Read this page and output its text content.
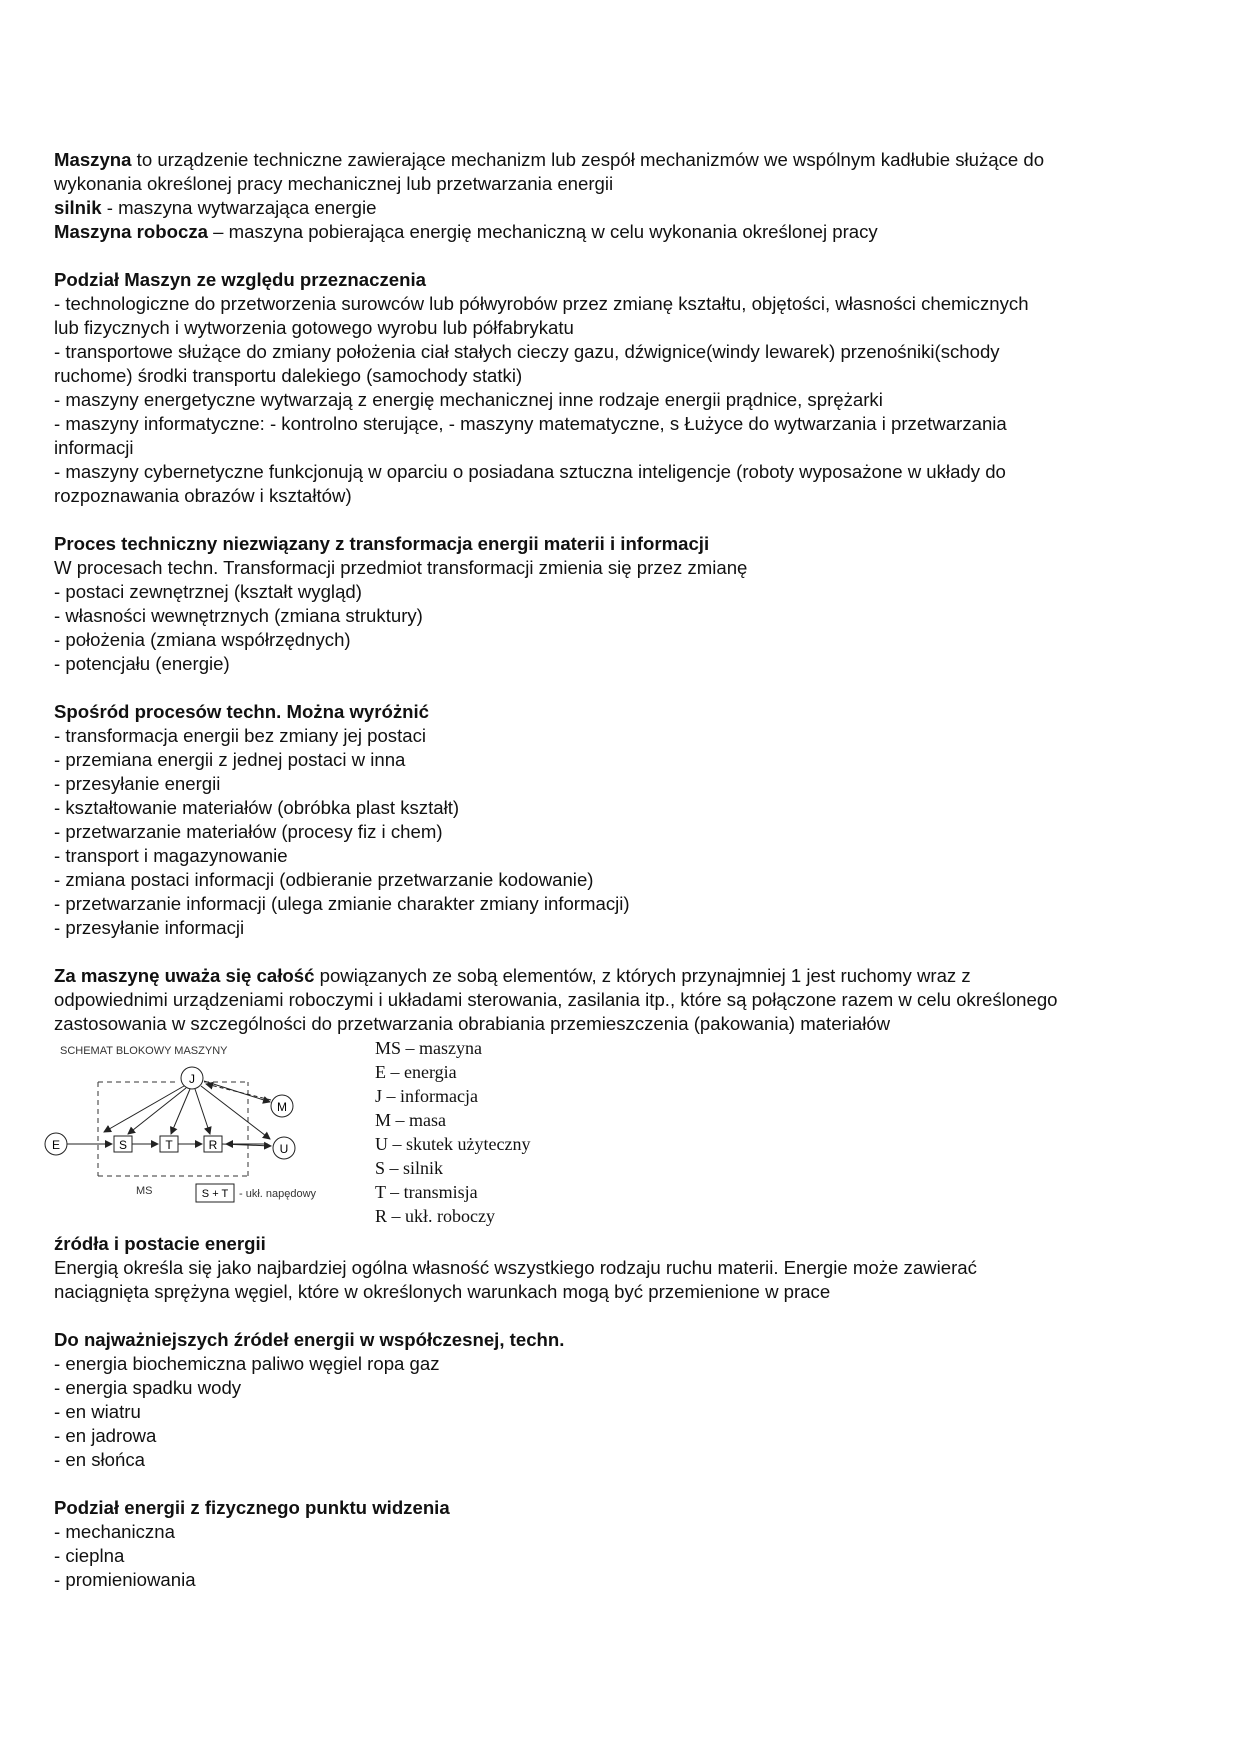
Maszyna to urządzenie techniczne zawierające mechanizm lub zespół mechanizmów we wspólnym kadłubie służące do

wykonania określonej pracy mechanicznej lub przetwarzania energii

silnik - maszyna wytwarzająca energie

Maszyna robocza – maszyna pobierająca energię mechaniczną w celu wykonania określonej pracy

Podział Maszyn ze względu przeznaczenia

- technologiczne do przetworzenia surowców lub półwyrobów przez zmianę kształtu, objętości, własności chemicznych

lub fizycznych i wytworzenia gotowego wyrobu lub półfabrykatu

- transportowe służące do zmiany położenia ciał stałych cieczy gazu, dźwignice(windy lewarek) przenośniki(schody

ruchome) środki transportu dalekiego (samochody statki)

- maszyny energetyczne wytwarzają z energię mechanicznej inne rodzaje energii prądnice, sprężarki

- maszyny informatyczne: - kontrolno sterujące, - maszyny matematyczne, s Łużyce do wytwarzania i przetwarzania

informacji

- maszyny cybernetyczne funkcjonują w oparciu o posiadana sztuczna inteligencje (roboty wyposażone w układy do

rozpoznawania obrazów i kształtów)

Proces techniczny niezwiązany z transformacja energii materii i informacji

W procesach techn. Transformacji przedmiot transformacji zmienia się przez zmianę

- postaci zewnętrznej (kształt wygląd)

- własności wewnętrznych (zmiana struktury)

- położenia (zmiana współrzędnych)

- potencjału (energie)

Spośród procesów techn. Można wyróżnić

- transformacja energii bez zmiany jej postaci

- przemiana energii z jednej postaci w inna

- przesyłanie energii

- kształtowanie materiałów (obróbka plast kształt)

- przetwarzanie materiałów (procesy fiz i chem)

- transport i magazynowanie

- zmiana postaci informacji (odbieranie przetwarzanie kodowanie)

- przetwarzanie informacji (ulega zmianie charakter zmiany informacji)

- przesyłanie informacji

Za maszynę uważa się całość powiązanych ze sobą elementów, z których przynajmniej 1 jest ruchomy wraz z

odpowiednimi urządzeniami roboczymi i układami sterowania, zasilania itp., które są połączone razem w celu określonego

zastosowania w szczególności do przetwarzania obrabiania przemieszczenia (pakowania) materiałów

SCHEMAT BLOKOWY MASZYNY
J
M
E	U
S	T	R
MS	S + T - ukł. napędowy
MS – maszyna
E – energia
J – informacja
M – masa
U – skutek użyteczny
S – silnik
T – transmisja
R – ukł. roboczy

źródła i postacie energii

Energią określa się jako najbardziej ogólna własność wszystkiego rodzaju ruchu materii. Energie może zawierać

naciągnięta sprężyna węgiel, które w określonych warunkach mogą być przemienione w prace

Do najważniejszych źródeł energii w współczesnej, techn.

- energia biochemiczna paliwo węgiel ropa gaz

- energia spadku wody

- en wiatru

- en jadrowa

- en słońca

Podział energii z fizycznego punktu widzenia

- mechaniczna

- cieplna

- promieniowania
